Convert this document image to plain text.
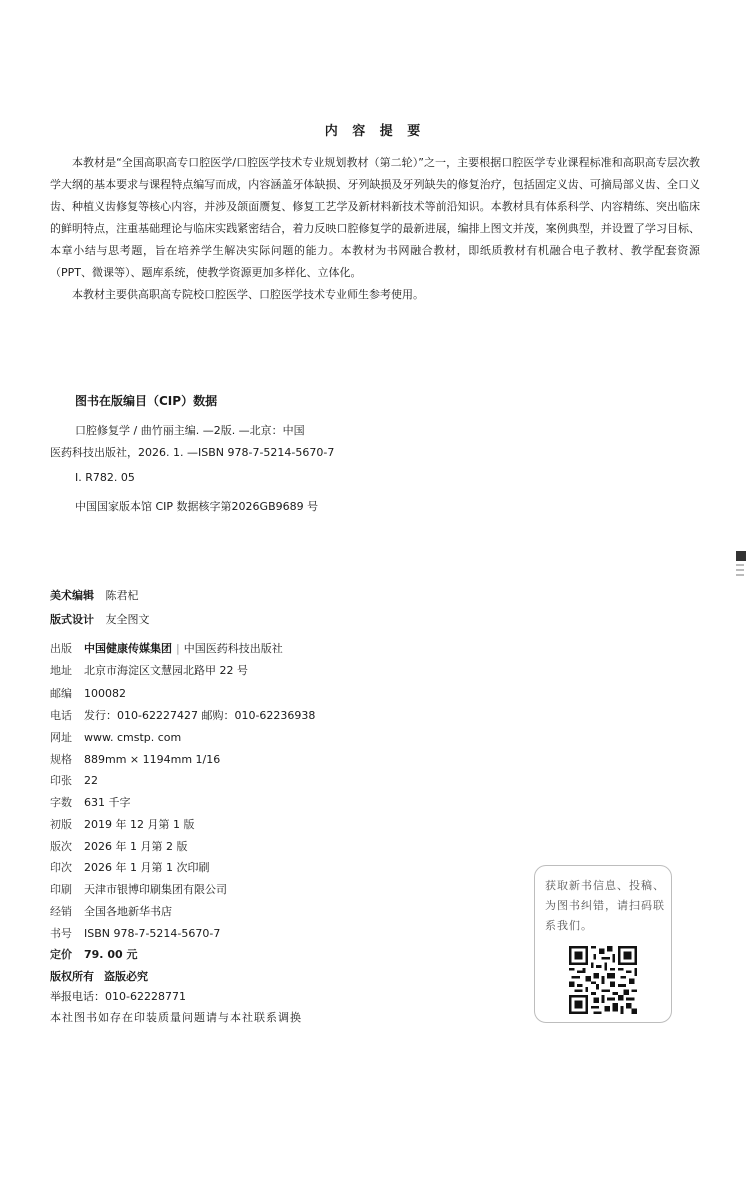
内 容 提 要

本教材是“全国高职高专口腔医学/口腔医学技术专业规划教材（第二轮）”之一，主要根据口腔医学专业课程标准和高职高专层次教学大纲的基本要求与课程特点编写而成，内容涵盖牙体缺损、牙列缺损及牙列缺失的修复治疗，包括固定义齿、可摘局部义齿、全口义齿、种植义齿修复等核心内容，并涉及颌面赝复、修复工艺学及新材料新技术等前沿知识。本教材具有体系科学、内容精练、突出临床的鲜明特点，注重基础理论与临床实践紧密结合，着力反映口腔修复学的最新进展，编排上图文并茂，案例典型，并设置了学习目标、本章小结与思考题，旨在培养学生解决实际问题的能力。本教材为书网融合教材，即纸质教材有机融合电子教材、教学配套资源（PPT、微课等）、题库系统，使教学资源更加多样化、立体化。

本教材主要供高职高专院校口腔医学、口腔医学技术专业师生参考使用。

图书在版编目（CIP）数据
口腔修复学 / 曲竹丽主编. —2版. —北京：中国
医药科技出版社，2026. 1. —ISBN 978-7-5214-5670-7
Ⅰ. R782. 05
中国国家版本馆 CIP 数据核字第2026GB9689 号
美术编辑 陈君杞
版式设计 友全图文
出版 中国健康传媒集团 | 中国医药科技出版社
地址 北京市海淀区文慧园北路甲 22 号
邮编 100082
电话 发行：010-62227427 邮购：010-62236938
网址 www. cmstp. com
规格 889mm × 1194mm 1/16
印张 22
字数 631 千字
初版 2019 年 12 月第 1 版
版次 2026 年 1 月第 2 版
印次 2026 年 1 月第 1 次印刷
印刷 天津市银博印刷集团有限公司
经销 全国各地新华书店
书号 ISBN 978-7-5214-5670-7
定价 79. 00 元
版权所有 盗版必究
举报电话：010-62228771
本社图书如存在印装质量问题请与本社联系调换
获取新书信息、投稿、为图书纠错，请扫码联系我们。
